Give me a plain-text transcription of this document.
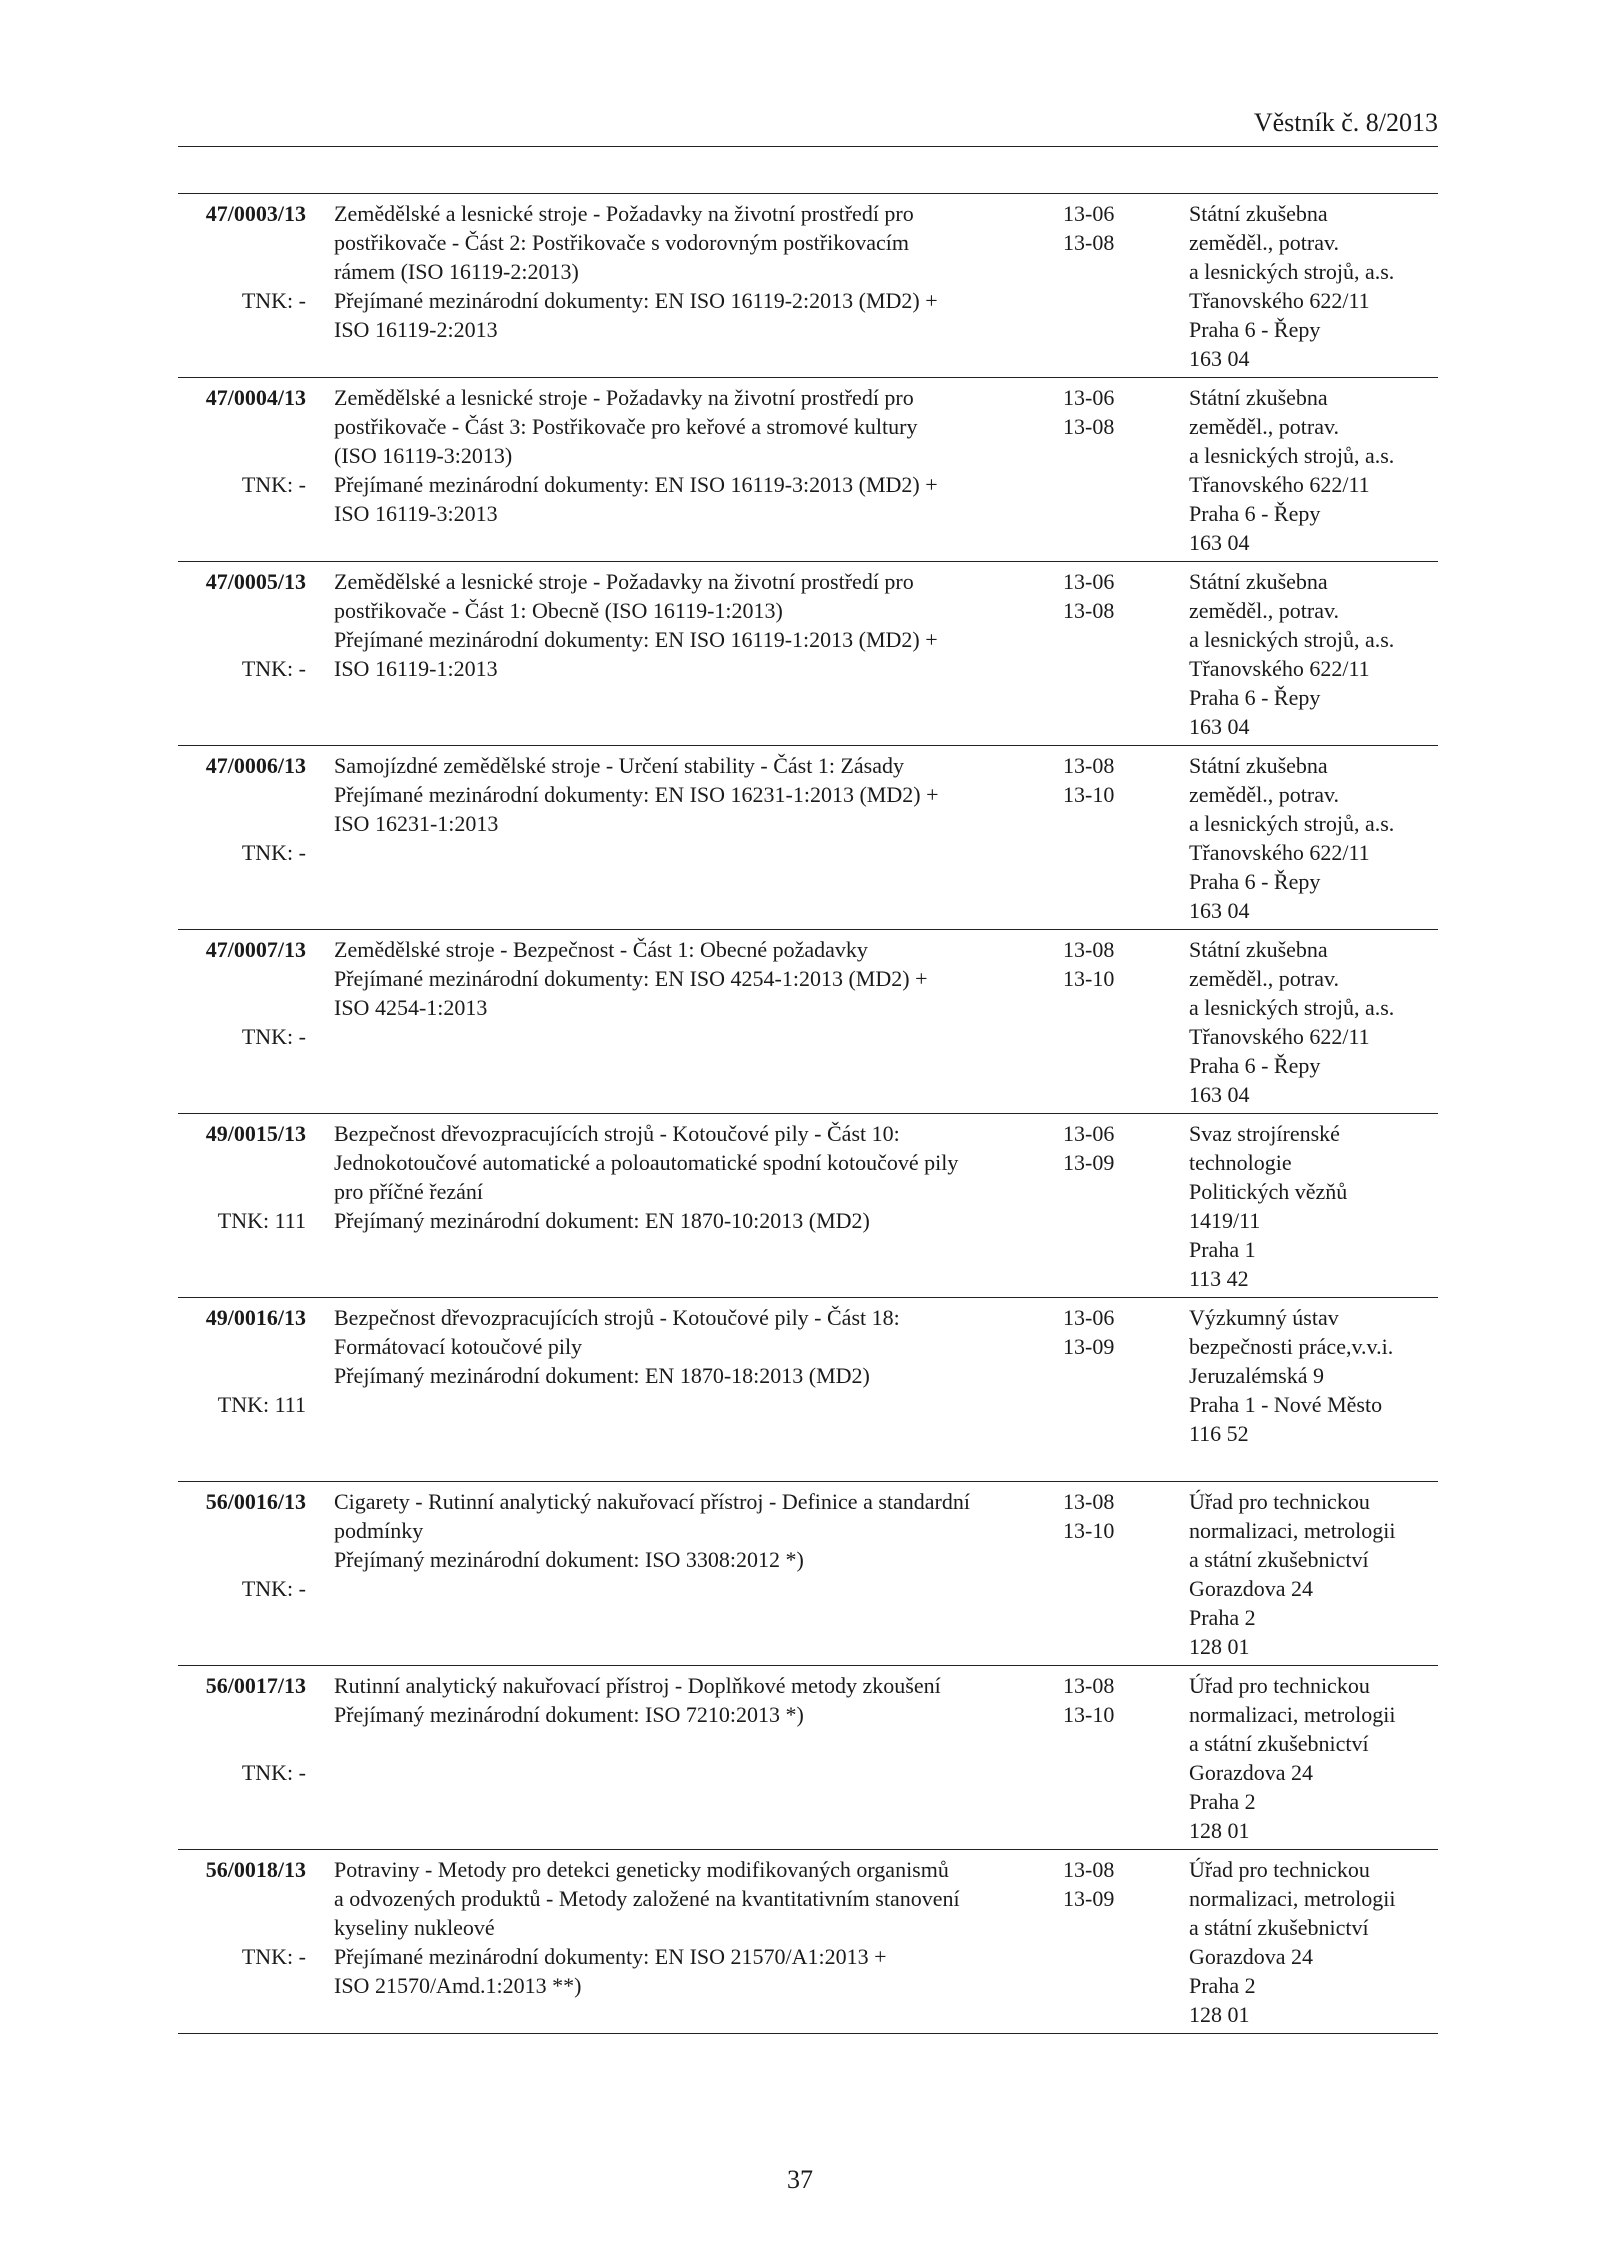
Věstník č. 8/2013
47/0003/13
TNK: -
Zemědělské a lesnické stroje - Požadavky na životní prostředí pro
postřikovače - Část 2: Postřikovače s vodorovným postřikovacím
rámem (ISO 16119-2:2013)
Přejímané mezinárodní dokumenty: EN ISO 16119-2:2013 (MD2) +
ISO 16119-2:2013
13-06
13-08
Státní zkušebna
zeměděl., potrav.
a lesnických strojů, a.s.
Třanovského 622/11
Praha 6 - Řepy
163 04
47/0004/13
TNK: -
Zemědělské a lesnické stroje - Požadavky na životní prostředí pro
postřikovače - Část 3: Postřikovače pro keřové a stromové kultury
(ISO 16119-3:2013)
Přejímané mezinárodní dokumenty: EN ISO 16119-3:2013 (MD2) +
ISO 16119-3:2013
13-06
13-08
Státní zkušebna
zeměděl., potrav.
a lesnických strojů, a.s.
Třanovského 622/11
Praha 6 - Řepy
163 04
47/0005/13
TNK: -
Zemědělské a lesnické stroje - Požadavky na životní prostředí pro
postřikovače - Část 1: Obecně (ISO 16119-1:2013)
Přejímané mezinárodní dokumenty: EN ISO 16119-1:2013 (MD2) +
ISO 16119-1:2013
13-06
13-08
Státní zkušebna
zeměděl., potrav.
a lesnických strojů, a.s.
Třanovského 622/11
Praha 6 - Řepy
163 04
47/0006/13
TNK: -
Samojízdné zemědělské stroje - Určení stability - Část 1: Zásady
Přejímané mezinárodní dokumenty: EN ISO 16231-1:2013 (MD2) +
ISO 16231-1:2013
13-08
13-10
Státní zkušebna
zeměděl., potrav.
a lesnických strojů, a.s.
Třanovského 622/11
Praha 6 - Řepy
163 04
47/0007/13
TNK: -
Zemědělské stroje - Bezpečnost - Část 1: Obecné požadavky
Přejímané mezinárodní dokumenty: EN ISO 4254-1:2013 (MD2) +
ISO 4254-1:2013
13-08
13-10
Státní zkušebna
zeměděl., potrav.
a lesnických strojů, a.s.
Třanovského 622/11
Praha 6 - Řepy
163 04
49/0015/13
TNK: 111
Bezpečnost dřevozpracujících strojů - Kotoučové pily - Část 10:
Jednokotoučové automatické a poloautomatické spodní kotoučové pily
pro příčné řezání
Přejímaný mezinárodní dokument: EN 1870-10:2013 (MD2)
13-06
13-09
Svaz strojírenské
technologie
Politických vězňů
1419/11
Praha 1
113 42
49/0016/13
TNK: 111
Bezpečnost dřevozpracujících strojů - Kotoučové pily - Část 18:
Formátovací kotoučové pily
Přejímaný mezinárodní dokument: EN 1870-18:2013 (MD2)
13-06
13-09
Výzkumný ústav
bezpečnosti práce,v.v.i.
Jeruzalémská 9
Praha 1 - Nové Město
116 52
56/0016/13
TNK: -
Cigarety - Rutinní analytický nakuřovací přístroj - Definice a standardní
podmínky
Přejímaný mezinárodní dokument: ISO 3308:2012 *)
13-08
13-10
Úřad pro technickou
normalizaci, metrologii
a státní zkušebnictví
Gorazdova 24
Praha 2
128 01
56/0017/13
TNK: -
Rutinní analytický nakuřovací přístroj - Doplňkové metody zkoušení
Přejímaný mezinárodní dokument: ISO 7210:2013 *)
13-08
13-10
Úřad pro technickou
normalizaci, metrologii
a státní zkušebnictví
Gorazdova 24
Praha 2
128 01
56/0018/13
TNK: -
Potraviny - Metody pro detekci geneticky modifikovaných organismů
a odvozených produktů - Metody založené na kvantitativním stanovení
kyseliny nukleové
Přejímané mezinárodní dokumenty: EN ISO 21570/A1:2013 +
ISO 21570/Amd.1:2013 **)
13-08
13-09
Úřad pro technickou
normalizaci, metrologii
a státní zkušebnictví
Gorazdova 24
Praha 2
128 01
37
